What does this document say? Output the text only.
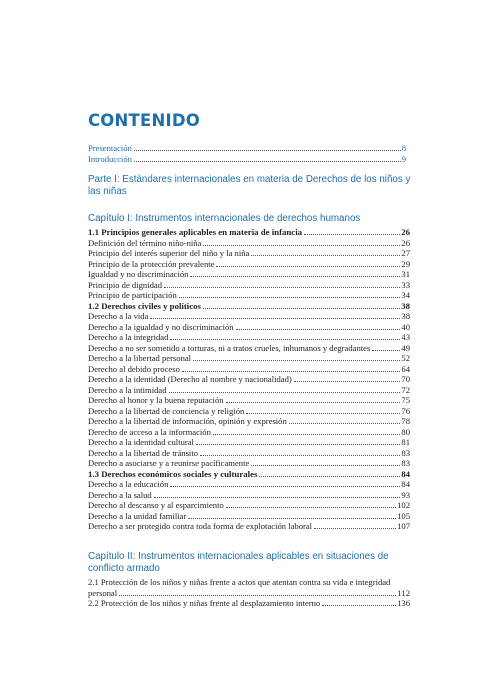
CONTENIDO
Presentación	8
Introducción	9
Parte I: Estándares internacionales en materia de Derechos de los niños y las niñas
Capítulo I: Instrumentos internacionales de derechos humanos
1.1 Principios generales aplicables en materia de infancia	26
Definición del término niño-niña	26
Principio del interés superior del niño y la niña	27
Principio de la protección prevalente	29
Igualdad y no discriminación	31
Principio de dignidad	33
Principio de participación	34
1.2 Derechos civiles y políticos	38
Derecho a la vida	38
Derecho a la igualdad y no discriminación	40
Derecho a la integridad	43
Derecho a no ser sometido a torturas, ni a tratos crueles, inhumanos y degradantes	49
Derecho a la libertad personal	52
Derecho al debido proceso	64
Derecho a la identidad (Derecho al nombre y nacionalidad)	70
Derecho a la intimidad	72
Derecho al honor y la buena reputación	75
Derecho a la libertad de conciencia y religión	76
Derecho a la libertad de información, opinión y expresión	78
Derecho de acceso a la información	80
Derecho a la identidad cultural	81
Derecho a la libertad de tránsito	83
Derecho a asociarse y a reunirse pacíficamente	83
1.3 Derechos económicos sociales y culturales	84
Derecho a la educación	84
Derecho a la salud	93
Derecho al descanso y al esparcimiento	102
Derecho a la unidad familiar	105
Derecho a ser protegido contra toda forma de explotación laboral	107
Capítulo II: Instrumentos internacionales aplicables en situaciones de conflicto armado
2.1 Protección de los niños y niñas frente a actos que atentan contra su vida e integridad
personal	112
2.2 Protección de los niños y niñas frente al desplazamiento interno	136
